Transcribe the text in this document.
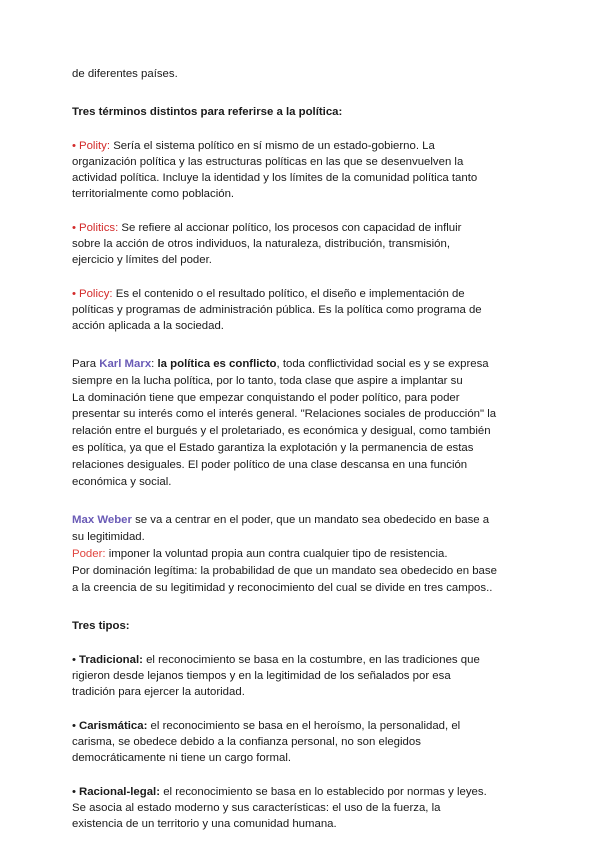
de diferentes países.

Tres términos distintos para referirse a la política:

• Polity: Sería el sistema político en sí mismo de un estado-gobierno. La
organización política y las estructuras políticas en las que se desenvuelven la
actividad política. Incluye la identidad y los límites de la comunidad política tanto
territorialmente como población.

• Politics: Se refiere al accionar político, los procesos con capacidad de influir
sobre la acción de otros individuos, la naturaleza, distribución, transmisión,
ejercicio y límites del poder.

• Policy: Es el contenido o el resultado político, el diseño e implementación de
políticas y programas de administración pública. Es la política como programa de
acción aplicada a la sociedad.

Para Karl Marx: la política es conflicto, toda conflictividad social es y se expresa
siempre en la lucha política, por lo tanto, toda clase que aspire a implantar su
La dominación tiene que empezar conquistando el poder político, para poder
presentar su interés como el interés general. "Relaciones sociales de producción" la
relación entre el burgués y el proletariado, es económica y desigual, como también
es política, ya que el Estado garantiza la explotación y la permanencia de estas
relaciones desiguales. El poder político de una clase descansa en una función
económica y social.

Max Weber se va a centrar en el poder, que un mandato sea obedecido en base a
su legitimidad.
Poder: imponer la voluntad propia aun contra cualquier tipo de resistencia.
Por dominación legítima: la probabilidad de que un mandato sea obedecido en base
a la creencia de su legitimidad y reconocimiento del cual se divide en tres campos..

Tres tipos:

• Tradicional: el reconocimiento se basa en la costumbre, en las tradiciones que
rigieron desde lejanos tiempos y en la legitimidad de los señalados por esa
tradición para ejercer la autoridad.

• Carismática: el reconocimiento se basa en el heroísmo, la personalidad, el
carisma, se obedece debido a la confianza personal, no son elegidos
democráticamente ni tiene un cargo formal.

• Racional-legal: el reconocimiento se basa en lo establecido por normas y leyes.
Se asocia al estado moderno y sus características: el uso de la fuerza, la
existencia de un territorio y una comunidad humana.
